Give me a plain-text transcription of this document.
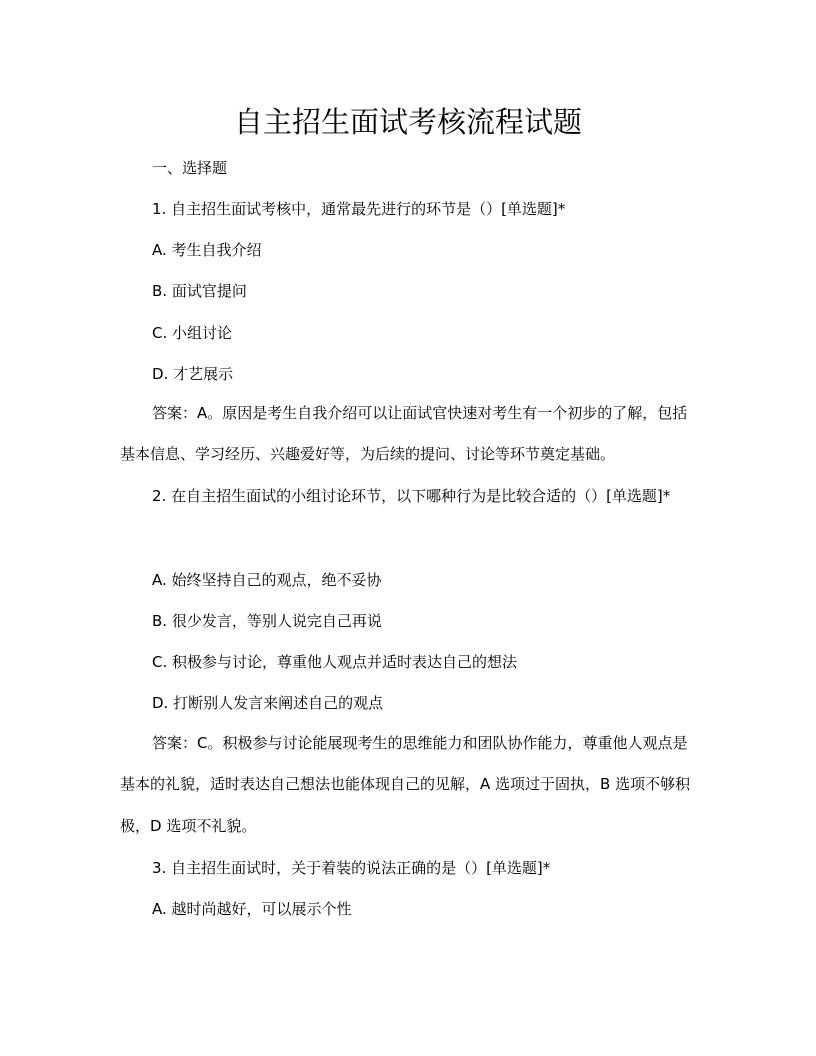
自主招生面试考核流程试题

一、选择题

1. 自主招生面试考核中，通常最先进行的环节是（）[单选题]*

A. 考生自我介绍

B. 面试官提问

C. 小组讨论

D. 才艺展示

答案：A。原因是考生自我介绍可以让面试官快速对考生有一个初步的了解，包括基本信息、学习经历、兴趣爱好等，为后续的提问、讨论等环节奠定基础。

2. 在自主招生面试的小组讨论环节，以下哪种行为是比较合适的（）[单选题]*

A. 始终坚持自己的观点，绝不妥协

B. 很少发言，等别人说完自己再说

C. 积极参与讨论，尊重他人观点并适时表达自己的想法

D. 打断别人发言来阐述自己的观点

答案：C。积极参与讨论能展现考生的思维能力和团队协作能力，尊重他人观点是基本的礼貌，适时表达自己想法也能体现自己的见解，A 选项过于固执，B 选项不够积极，D 选项不礼貌。

3. 自主招生面试时，关于着装的说法正确的是（）[单选题]*

A. 越时尚越好，可以展示个性
